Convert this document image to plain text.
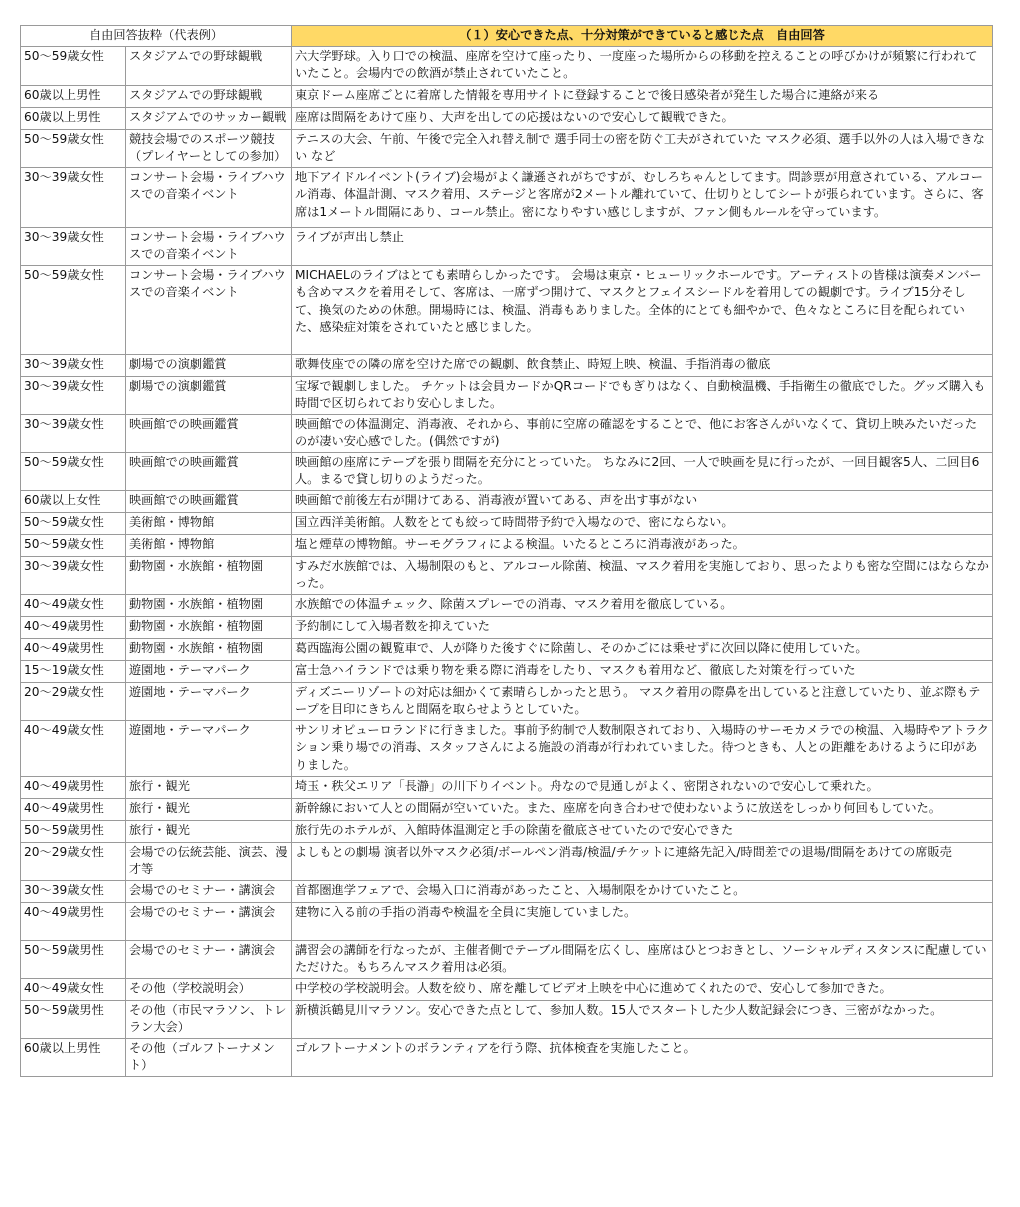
自由回答抜粋（代表例）		（１）安心できた点、十分対策ができていると感じた点　自由回答
50～59歳女性	スタジアムでの野球観戦	六大学野球。入り口での検温、座席を空けて座ったり、一度座った場所からの移動を控えることの呼びかけが頻繁に行われていたこと。会場内での飲酒が禁止されていたこと。
60歳以上男性	スタジアムでの野球観戦	東京ドーム座席ごとに着席した情報を専用サイトに登録することで後日感染者が発生した場合に連絡が来る
60歳以上男性	スタジアムでのサッカー観戦	座席は間隔をあけて座り、大声を出しての応援はないので安心して観戦できた。
50～59歳女性	競技会場でのスポーツ競技（プレイヤーとしての参加）	テニスの大会、午前、午後で完全入れ替え制で 選手同士の密を防ぐ工夫がされていた マスク必須、選手以外の人は入場できない など
30～39歳女性	コンサート会場・ライブハウスでの音楽イベント	地下アイドルイベント(ライブ)会場がよく謙遜されがちですが、むしろちゃんとしてます。問診票が用意されている、アルコール消毒、体温計測、マスク着用、ステージと客席が2メートル離れていて、仕切りとしてシートが張られています。さらに、客席は1メートル間隔にあり、コール禁止。密になりやすい感じしますが、ファン側もルールを守っています。
30～39歳女性	コンサート会場・ライブハウスでの音楽イベント	ライブが声出し禁止
50～59歳女性	コンサート会場・ライブハウスでの音楽イベント	MICHAELのライブはとても素晴らしかったです。 会場は東京・ヒューリックホールです。アーティストの皆様は演奏メンバーも含めマスクを着用そして、客席は、一席ずつ開けて、マスクとフェイスシードルを着用しての観劇です。ライブ15分そして、換気のための休憩。開場時には、検温、消毒もありました。全体的にとても細やかで、色々なところに目を配られていた、感染症対策をされていたと感じました。
30～39歳女性	劇場での演劇鑑賞	歌舞伎座での隣の席を空けた席での観劇、飲食禁止、時短上映、検温、手指消毒の徹底
30～39歳女性	劇場での演劇鑑賞	宝塚で観劇しました。 チケットは会員カードかQRコードでもぎりはなく、自動検温機、手指衛生の徹底でした。グッズ購入も時間で区切られており安心しました。
30～39歳女性	映画館での映画鑑賞	映画館での体温測定、消毒液、それから、事前に空席の確認をすることで、他にお客さんがいなくて、貸切上映みたいだったのが凄い安心感でした。(偶然ですが)
50～59歳女性	映画館での映画鑑賞	映画館の座席にテープを張り間隔を充分にとっていた。 ちなみに2回、一人で映画を見に行ったが、一回目観客5人、二回目6人。まるで貸し切りのようだった。
60歳以上女性	映画館での映画鑑賞	映画館で前後左右が開けてある、消毒液が置いてある、声を出す事がない
50～59歳女性	美術館・博物館	国立西洋美術館。人数をとても絞って時間帯予約で入場なので、密にならない。
50～59歳女性	美術館・博物館	塩と煙草の博物館。サーモグラフィによる検温。いたるところに消毒液があった。
30～39歳女性	動物園・水族館・植物園	すみだ水族館では、入場制限のもと、アルコール除菌、検温、マスク着用を実施しており、思ったよりも密な空間にはならなかった。
40～49歳女性	動物園・水族館・植物園	水族館での体温チェック、除菌スプレーでの消毒、マスク着用を徹底している。
40～49歳男性	動物園・水族館・植物園	予約制にして入場者数を抑えていた
40～49歳男性	動物園・水族館・植物園	葛西臨海公園の観覧車で、人が降りた後すぐに除菌し、そのかごには乗せずに次回以降に使用していた。
15～19歳女性	遊園地・テーマパーク	富士急ハイランドでは乗り物を乗る際に消毒をしたり、マスクも着用など、徹底した対策を行っていた
20～29歳女性	遊園地・テーマパーク	ディズニーリゾートの対応は細かくて素晴らしかったと思う。 マスク着用の際鼻を出していると注意していたり、並ぶ際もテープを目印にきちんと間隔を取らせようとしていた。
40～49歳女性	遊園地・テーマパーク	サンリオピューロランドに行きました。事前予約制で人数制限されており、入場時のサーモカメラでの検温、入場時やアトラクション乗り場での消毒、スタッフさんによる施設の消毒が行われていました。待つときも、人との距離をあけるように印がありました。
40～49歳男性	旅行・観光	埼玉・秩父エリア「長瀞」の川下りイベント。舟なので見通しがよく、密閉されないので安心して乗れた。
40～49歳男性	旅行・観光	新幹線において人との間隔が空いていた。また、座席を向き合わせで使わないように放送をしっかり何回もしていた。
50～59歳男性	旅行・観光	旅行先のホテルが、入館時体温測定と手の除菌を徹底させていたので安心できた
20～29歳女性	会場での伝統芸能、演芸、漫才等	よしもとの劇場 演者以外マスク必須/ボールペン消毒/検温/チケットに連絡先記入/時間差での退場/間隔をあけての席販売
30～39歳女性	会場でのセミナー・講演会	首都圏進学フェアで、会場入口に消毒があったこと、入場制限をかけていたこと。
40～49歳男性	会場でのセミナー・講演会	建物に入る前の手指の消毒や検温を全員に実施していました。
50～59歳男性	会場でのセミナー・講演会	講習会の講師を行なったが、主催者側でテーブル間隔を広くし、座席はひとつおきとし、ソーシャルディスタンスに配慮していただけた。もちろんマスク着用は必須。
40～49歳女性	その他（学校説明会）	中学校の学校説明会。人数を絞り、席を離してビデオ上映を中心に進めてくれたので、安心して参加できた。
50～59歳男性	その他（市民マラソン、トレラン大会）	新横浜鶴見川マラソン。安心できた点として、参加人数。15人でスタートした少人数記録会につき、三密がなかった。
60歳以上男性	その他（ゴルフトーナメント）	ゴルフトーナメントのボランティアを行う際、抗体検査を実施したこと。
